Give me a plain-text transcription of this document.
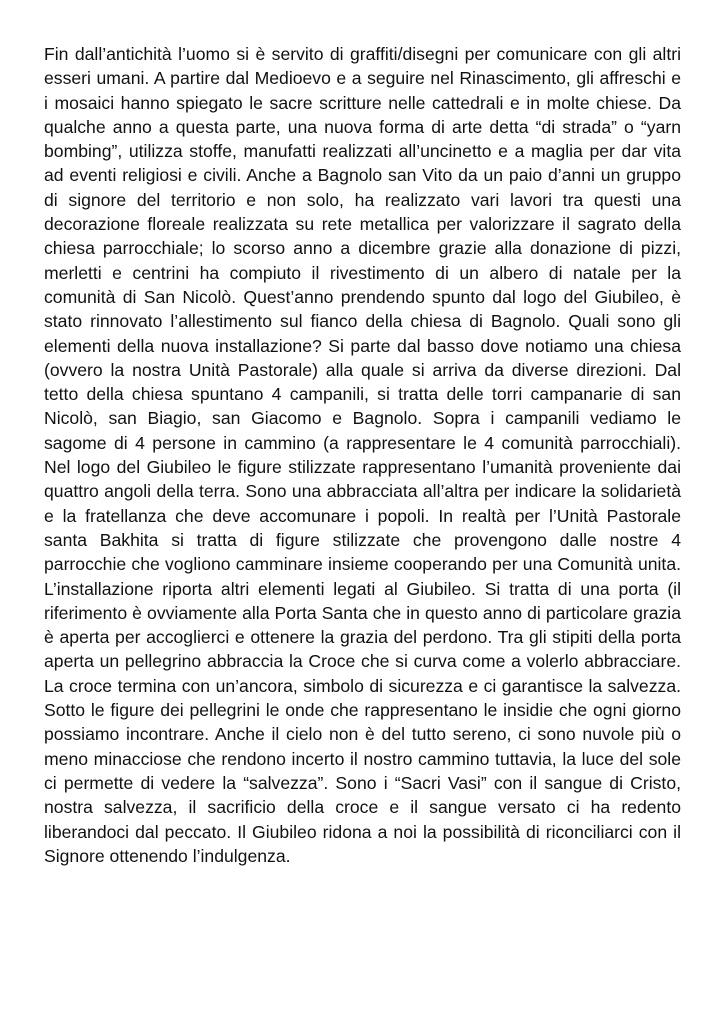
Fin dall’antichità l’uomo si è servito di graffiti/disegni per comunicare con gli altri esseri umani. A partire dal Medioevo e a seguire nel Rinascimento, gli affreschi e i mosaici hanno spiegato le sacre scritture nelle cattedrali e in molte chiese. Da qualche anno a questa parte, una nuova forma di arte detta “di strada” o “yarn bombing”, utilizza stoffe, manufatti realizzati all’uncinetto e a maglia per dar vita ad eventi religiosi e civili. Anche a Bagnolo san Vito da un paio d’anni un gruppo di signore del territorio e non solo, ha realizzato vari lavori tra questi una decorazione floreale realizzata su rete metallica per valorizzare il sagrato della chiesa parrocchiale; lo scorso anno a dicembre grazie alla donazione di pizzi, merletti e centrini ha compiuto il rivestimento di un albero di natale per la comunità di San Nicolò. Quest’anno prendendo spunto dal logo del Giubileo, è stato rinnovato l’allestimento sul fianco della chiesa di Bagnolo. Quali sono gli elementi della nuova installazione? Si parte dal basso dove notiamo una chiesa (ovvero la nostra Unità Pastorale) alla quale si arriva da diverse direzioni. Dal tetto della chiesa spuntano 4 campanili, si tratta delle torri campanarie di san Nicolò, san Biagio, san Giacomo e Bagnolo. Sopra i campanili vediamo le sagome di 4 persone in cammino (a rappresentare le 4 comunità parrocchiali). Nel logo del Giubileo le figure stilizzate rappresentano l’umanità proveniente dai quattro angoli della terra. Sono una abbracciata all’altra per indicare la solidarietà e la fratellanza che deve accomunare i popoli. In realtà per l’Unità Pastorale santa Bakhita si tratta di figure stilizzate che provengono dalle nostre 4 parrocchie che vogliono camminare insieme cooperando per una Comunità unita. L’installazione riporta altri elementi legati al Giubileo. Si tratta di una porta (il riferimento è ovviamente alla Porta Santa che in questo anno di particolare grazia è aperta per accoglierci e ottenere la grazia del perdono. Tra gli stipiti della porta aperta un pellegrino abbraccia la Croce che si curva come a volerlo abbracciare. La croce termina con un’ancora, simbolo di sicurezza e ci garantisce la salvezza. Sotto le figure dei pellegrini le onde che rappresentano le insidie che ogni giorno possiamo incontrare. Anche il cielo non è del tutto sereno, ci sono nuvole più o meno minacciose che rendono incerto il nostro cammino tuttavia, la luce del sole ci permette di vedere la “salvezza”. Sono i “Sacri Vasi” con il sangue di Cristo, nostra salvezza, il sacrificio della croce e il sangue versato ci ha redento liberandoci dal peccato. Il Giubileo ridona a noi la possibilità di riconciliarci con il Signore ottenendo l’indulgenza.
